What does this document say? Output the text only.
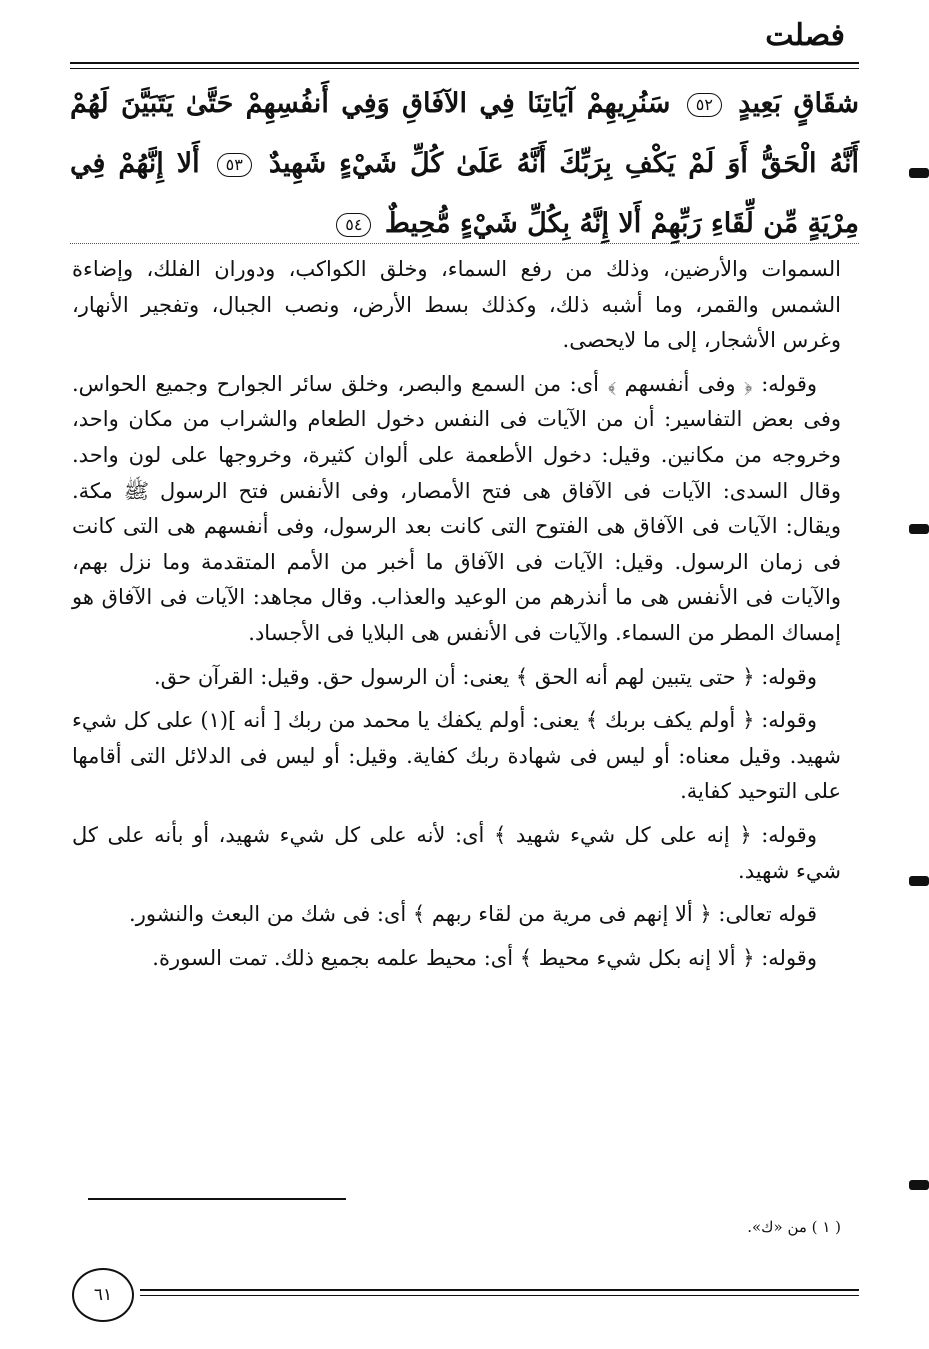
فصلت
شقَاقٍ بَعِيدٍ ٥٢ سَنُرِيهِمْ آيَاتِنَا فِي الآفَاقِ وَفِي أَنفُسِهِمْ حَتَّىٰ يَتَبَيَّنَ لَهُمْ أَنَّهُ الْحَقُّ أَوَ لَمْ يَكْفِ بِرَبِّكَ أَنَّهُ عَلَىٰ كُلِّ شَيْءٍ شَهِيدٌ ٥٣ أَلا إِنَّهُمْ فِي مِرْيَةٍ مِّن لِّقَاءِ رَبِّهِمْ أَلا إِنَّهُ بِكُلِّ شَيْءٍ مُّحِيطٌ ٥٤

السموات والأرضين، وذلك من رفع السماء، وخلق الكواكب، ودوران الفلك، وإضاءة الشمس والقمر، وما أشبه ذلك، وكذلك بسط الأرض، ونصب الجبال، وتفجير الأنهار، وغرس الأشجار، إلى ما لايحصى.

وقوله: ﴿ وفى أنفسهم ﴾ أى: من السمع والبصر، وخلق سائر الجوارح وجميع الحواس. وفى بعض التفاسير: أن من الآيات فى النفس دخول الطعام والشراب من مكان واحد، وخروجه من مكانين. وقيل: دخول الأطعمة على ألوان كثيرة، وخروجها على لون واحد. وقال السدى: الآيات فى الآفاق هى فتح الأمصار، وفى الأنفس فتح الرسول ﷺ مكة. ويقال: الآيات فى الآفاق هى الفتوح التى كانت بعد الرسول، وفى أنفسهم هى التى كانت فى زمان الرسول. وقيل: الآيات فى الآفاق ما أخبر من الأمم المتقدمة وما نزل بهم، والآيات فى الأنفس هى ما أنذرهم من الوعيد والعذاب. وقال مجاهد: الآيات فى الآفاق هو إمساك المطر من السماء. والآيات فى الأنفس هى البلايا فى الأجساد.

وقوله: ﴿ حتى يتبين لهم أنه الحق ﴾ يعنى: أن الرسول حق. وقيل: القرآن حق.

وقوله: ﴿ أولم يكف بربك ﴾ يعنى: أولم يكفك يا محمد من ربك [ أنه ](١) على كل شيء شهيد. وقيل معناه: أو ليس فى شهادة ربك كفاية. وقيل: أو ليس فى الدلائل التى أقامها على التوحيد كفاية.

وقوله: ﴿ إنه على كل شيء شهيد ﴾ أى: لأنه على كل شيء شهيد، أو بأنه على كل شيء شهيد.

قوله تعالى: ﴿ ألا إنهم فى مرية من لقاء ربهم ﴾ أى: فى شك من البعث والنشور.

وقوله: ﴿ ألا إنه بكل شيء محيط ﴾ أى: محيط علمه بجميع ذلك. تمت السورة.

( ١ ) من «ك».
٦١
